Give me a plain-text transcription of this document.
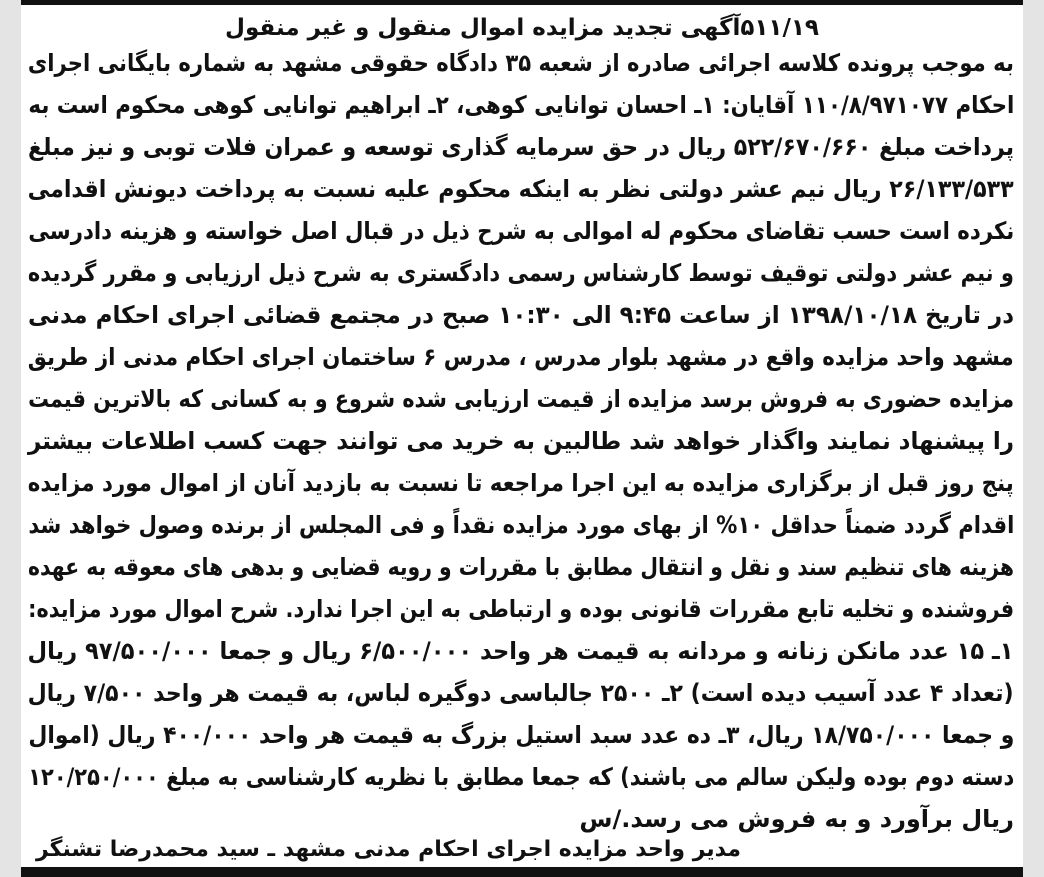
۵۱۱/۱۹آگهی تجدید مزایده اموال منقول و غیر منقول
به موجب پرونده کلاسه اجرائی صادره از شعبه ۳۵ دادگاه حقوقی مشهد به شماره بایگانی اجرای
احکام ۱۱۰/۸/۹۷۱۰۷۷ آقایان: ۱ـ احسان توانایی کوهی، ۲ـ ابراهیم توانایی کوهی محکوم است به
پرداخت مبلغ ۵۲۲/۶۷۰/۶۶۰ ریال در حق سرمایه گذاری توسعه و عمران فلات توبی و نیز مبلغ
۲۶/۱۳۳/۵۳۳ ریال نیم عشر دولتی نظر به اینکه محکوم علیه نسبت به پرداخت دیونش اقدامی
نکرده است حسب تقاضای محکوم له اموالی به شرح ذیل در قبال اصل خواسته و هزینه دادرسی
و نیم عشر دولتی توقیف توسط کارشناس رسمی دادگستری به شرح ذیل ارزیابی و مقرر گردیده
در تاریخ ۱۳۹۸/۱۰/۱۸ از ساعت ۹:۴۵ الی ۱۰:۳۰ صبح در مجتمع قضائی اجرای احکام مدنی
مشهد واحد مزایده واقع در مشهد بلوار مدرس ، مدرس ۶ ساختمان اجرای احکام مدنی از طریق
مزایده حضوری به فروش برسد مزایده از قیمت ارزیابی شده شروع و به کسانی که بالاترین قیمت
را پیشنهاد نمایند واگذار خواهد شد طالبین به خرید می توانند جهت کسب اطلاعات بیشتر
پنج روز قبل از برگزاری مزایده به این اجرا مراجعه تا نسبت به بازدید آنان از اموال مورد مزایده
اقدام گردد ضمناً حداقل ۱۰% از بهای مورد مزایده نقداً و فی المجلس از برنده وصول خواهد شد
هزینه های تنظیم سند و نقل و انتقال مطابق با مقررات و رویه قضایی و بدهی های معوقه به عهده
فروشنده و تخلیه تابع مقررات قانونی بوده و ارتباطی به این اجرا ندارد. شرح اموال مورد مزایده:
۱ـ ۱۵ عدد مانکن زنانه و مردانه به قیمت هر واحد ۶/۵۰۰/۰۰۰ ریال و جمعا ۹۷/۵۰۰/۰۰۰ ریال
(تعداد ۴ عدد آسیب دیده است) ۲ـ ۲۵۰۰ جالباسی دوگیره لباس، به قیمت هر واحد ۷/۵۰۰ ریال
و جمعا ۱۸/۷۵۰/۰۰۰ ریال، ۳ـ ده عدد سبد استیل بزرگ به قیمت هر واحد ۴۰۰/۰۰۰ ریال (اموال
دسته دوم بوده ولیکن سالم می باشند) که جمعا مطابق با نظریه کارشناسی به مبلغ ۱۲۰/۲۵۰/۰۰۰
ریال برآورد و به فروش می رسد./س
مدیر واحد مزایده اجرای احکام مدنی مشهد ـ سید محمدرضا تشنگر
